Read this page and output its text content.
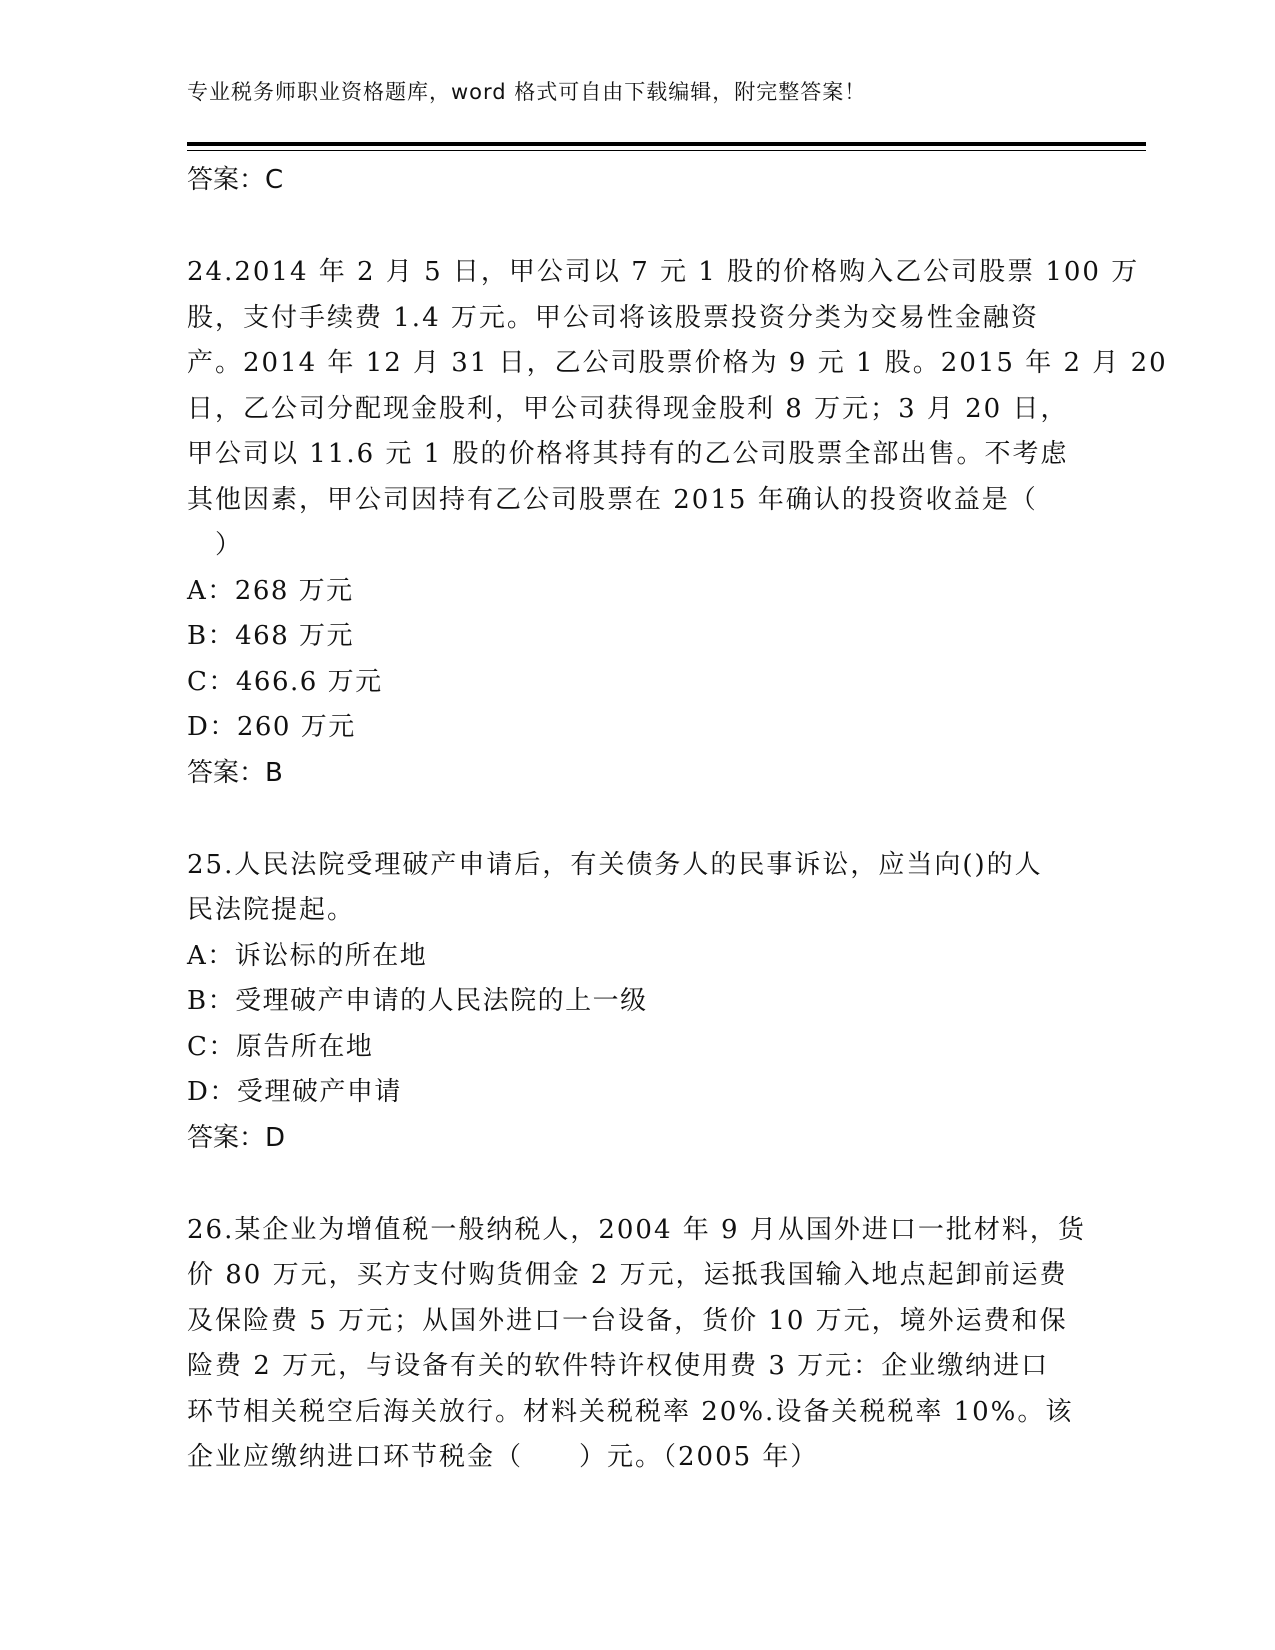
专业税务师职业资格题库，word 格式可自由下载编辑，附完整答案！
答案：C
24.2014 年 2 月 5 日，甲公司以 7 元 1 股的价格购入乙公司股票 100 万
股，支付手续费 1.4 万元。甲公司将该股票投资分类为交易性金融资
产。2014 年 12 月 31 日，乙公司股票价格为 9 元 1 股。2015 年 2 月 20
日，乙公司分配现金股利，甲公司获得现金股利 8 万元；3 月 20 日，
甲公司以 11.6 元 1 股的价格将其持有的乙公司股票全部出售。不考虑
其他因素，甲公司因持有乙公司股票在 2015 年确认的投资收益是（
　）
A：268 万元
B：468 万元
C：466.6 万元
D：260 万元
答案：B
25.人民法院受理破产申请后，有关债务人的民事诉讼，应当向()的人
民法院提起。
A：诉讼标的所在地
B：受理破产申请的人民法院的上一级
C：原告所在地
D：受理破产申请
答案：D
26.某企业为增值税一般纳税人，2004 年 9 月从国外进口一批材料，货
价 80 万元，买方支付购货佣金 2 万元，运抵我国输入地点起卸前运费
及保险费 5 万元；从国外进口一台设备，货价 10 万元，境外运费和保
险费 2 万元，与设备有关的软件特许权使用费 3 万元：企业缴纳进口
环节相关税空后海关放行。材料关税税率 20%.设备关税税率 10%。该
企业应缴纳进口环节税金（　　）元。（2005 年）
